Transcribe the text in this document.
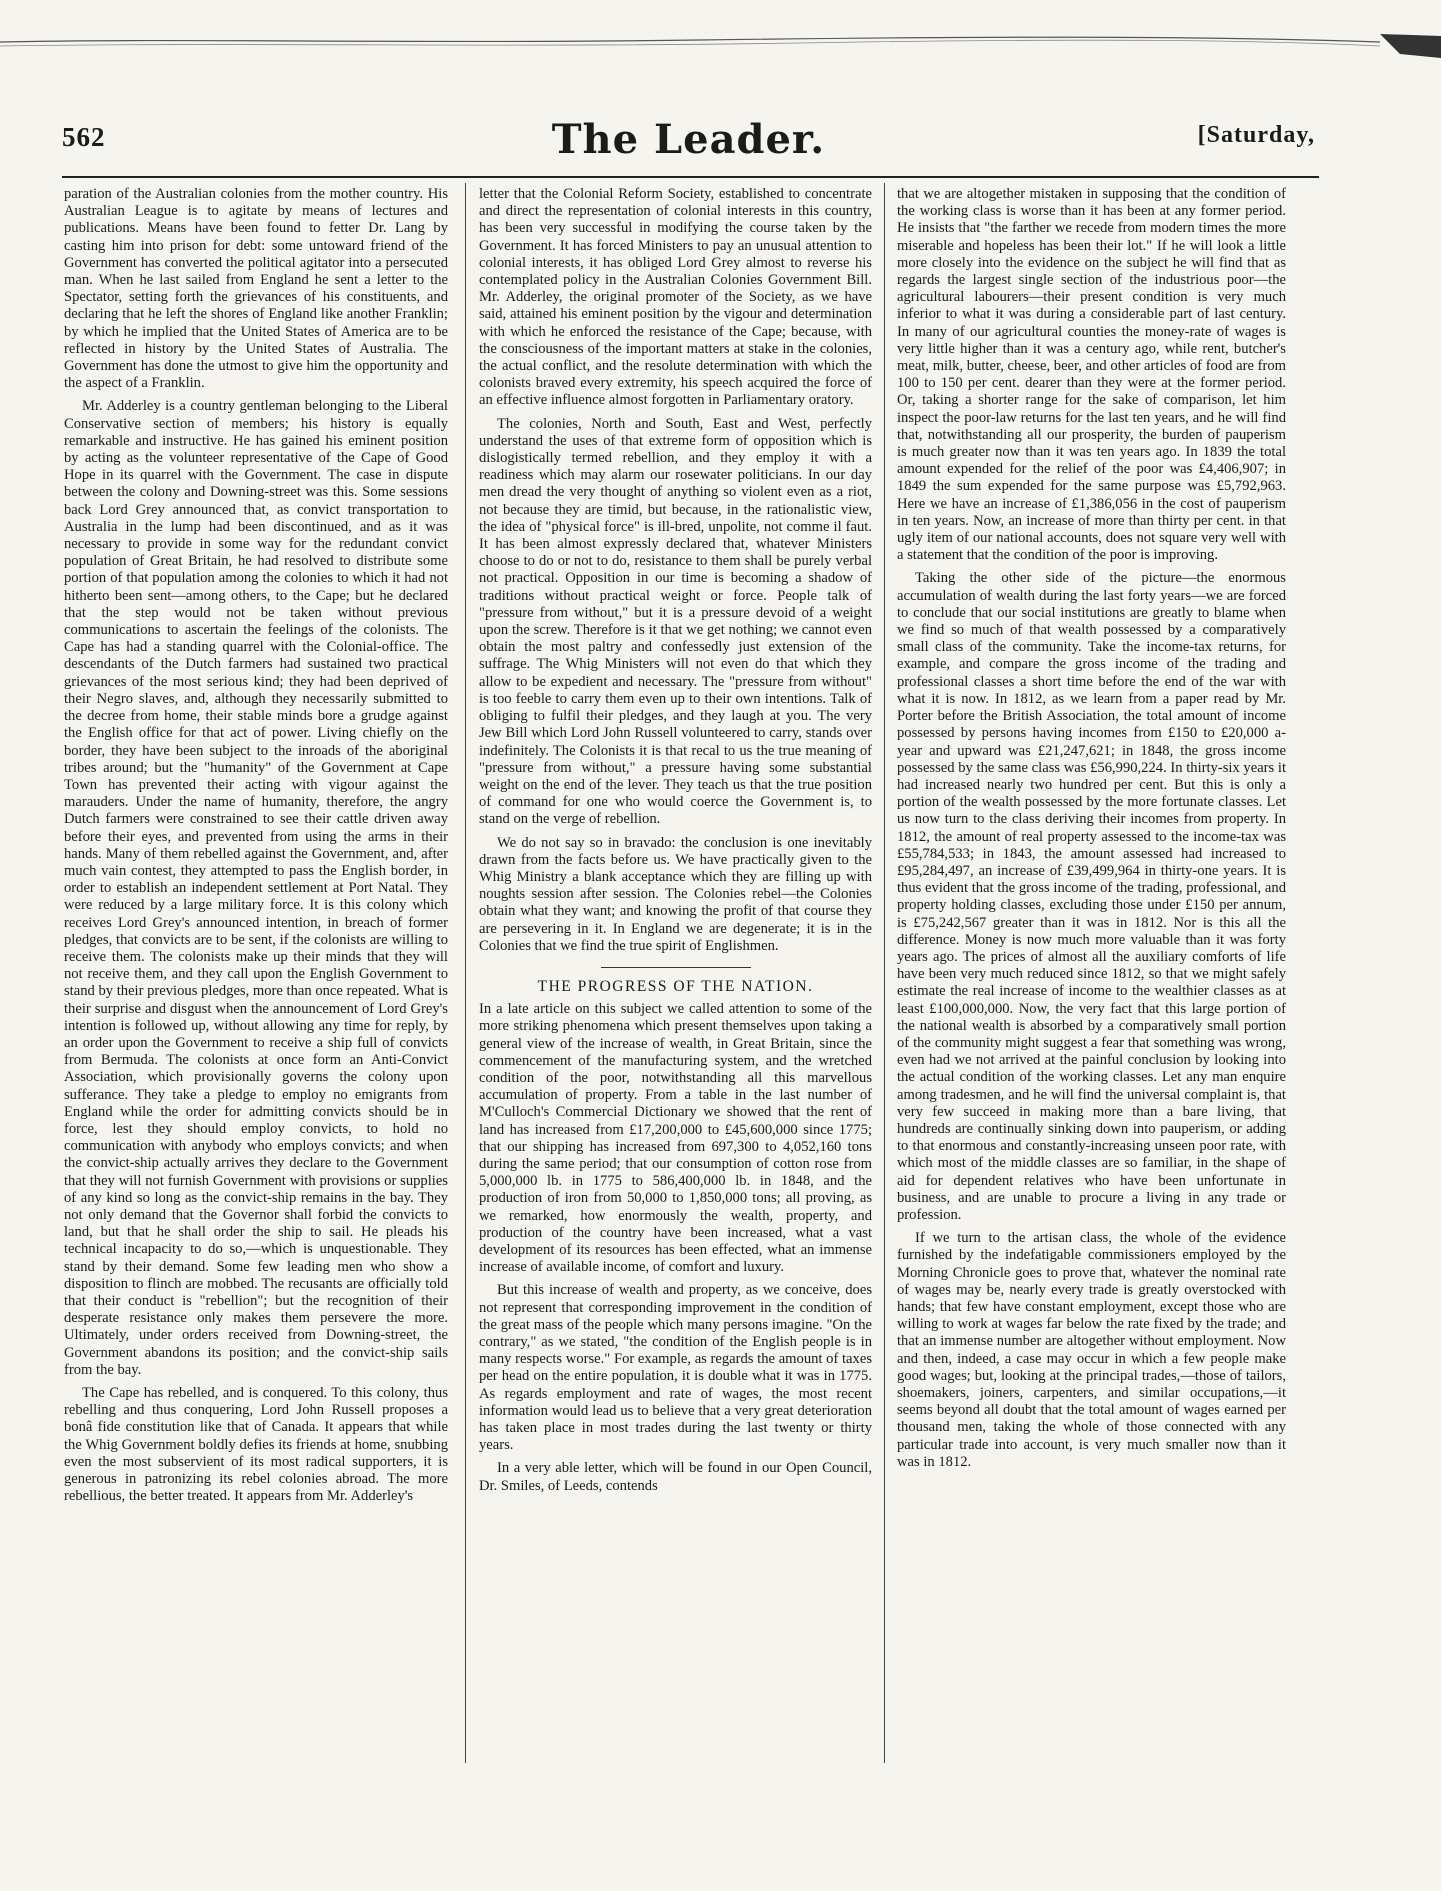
562	The Leader.	[Saturday,

paration of the Australian colonies from the mother country. His Australian League is to agitate by means of lectures and publications. Means have been found to fetter Dr. Lang by casting him into prison for debt: some untoward friend of the Government has converted the political agitator into a persecuted man. When he last sailed from England he sent a letter to the Spectator, setting forth the grievances of his constituents, and declaring that he left the shores of England like another Franklin; by which he implied that the United States of America are to be reflected in history by the United States of Australia. The Government has done the utmost to give him the opportunity and the aspect of a Franklin.

Mr. Adderley is a country gentleman belonging to the Liberal Conservative section of members; his history is equally remarkable and instructive. He has gained his eminent position by acting as the volunteer representative of the Cape of Good Hope in its quarrel with the Government. The case in dispute between the colony and Downing-street was this. Some sessions back Lord Grey announced that, as convict transportation to Australia in the lump had been discontinued, and as it was necessary to provide in some way for the redundant convict population of Great Britain, he had resolved to distribute some portion of that population among the colonies to which it had not hitherto been sent—among others, to the Cape; but he declared that the step would not be taken without previous communications to ascertain the feelings of the colonists. The Cape has had a standing quarrel with the Colonial-office. The descendants of the Dutch farmers had sustained two practical grievances of the most serious kind; they had been deprived of their Negro slaves, and, although they necessarily submitted to the decree from home, their stable minds bore a grudge against the English office for that act of power. Living chiefly on the border, they have been subject to the inroads of the aboriginal tribes around; but the "humanity" of the Government at Cape Town has prevented their acting with vigour against the marauders. Under the name of humanity, therefore, the angry Dutch farmers were constrained to see their cattle driven away before their eyes, and prevented from using the arms in their hands. Many of them rebelled against the Government, and, after much vain contest, they attempted to pass the English border, in order to establish an independent settlement at Port Natal. They were reduced by a large military force. It is this colony which receives Lord Grey's announced intention, in breach of former pledges, that convicts are to be sent, if the colonists are willing to receive them. The colonists make up their minds that they will not receive them, and they call upon the English Government to stand by their previous pledges, more than once repeated. What is their surprise and disgust when the announcement of Lord Grey's intention is followed up, without allowing any time for reply, by an order upon the Government to receive a ship full of convicts from Bermuda. The colonists at once form an Anti-Convict Association, which provisionally governs the colony upon sufferance. They take a pledge to employ no emigrants from England while the order for admitting convicts should be in force, lest they should employ convicts, to hold no communication with anybody who employs convicts; and when the convict-ship actually arrives they declare to the Government that they will not furnish Government with provisions or supplies of any kind so long as the convict-ship remains in the bay. They not only demand that the Governor shall forbid the convicts to land, but that he shall order the ship to sail. He pleads his technical incapacity to do so,—which is unquestionable. They stand by their demand. Some few leading men who show a disposition to flinch are mobbed. The recusants are officially told that their conduct is "rebellion"; but the recognition of their desperate resistance only makes them persevere the more. Ultimately, under orders received from Downing-street, the Government abandons its position; and the convict-ship sails from the bay.

The Cape has rebelled, and is conquered. To this colony, thus rebelling and thus conquering, Lord John Russell proposes a bonâ fide constitution like that of Canada. It appears that while the Whig Government boldly defies its friends at home, snubbing even the most subservient of its most radical supporters, it is generous in patronizing its rebel colonies abroad. The more rebellious, the better treated. It appears from Mr. Adderley's

letter that the Colonial Reform Society, established to concentrate and direct the representation of colonial interests in this country, has been very successful in modifying the course taken by the Government. It has forced Ministers to pay an unusual attention to colonial interests, it has obliged Lord Grey almost to reverse his contemplated policy in the Australian Colonies Government Bill. Mr. Adderley, the original promoter of the Society, as we have said, attained his eminent position by the vigour and determination with which he enforced the resistance of the Cape; because, with the consciousness of the important matters at stake in the colonies, the actual conflict, and the resolute determination with which the colonists braved every extremity, his speech acquired the force of an effective influence almost forgotten in Parliamentary oratory.

The colonies, North and South, East and West, perfectly understand the uses of that extreme form of opposition which is dislogistically termed rebellion, and they employ it with a readiness which may alarm our rosewater politicians. In our day men dread the very thought of anything so violent even as a riot, not because they are timid, but because, in the rationalistic view, the idea of "physical force" is ill-bred, unpolite, not comme il faut. It has been almost expressly declared that, whatever Ministers choose to do or not to do, resistance to them shall be purely verbal not practical. Opposition in our time is becoming a shadow of traditions without practical weight or force. People talk of "pressure from without," but it is a pressure devoid of a weight upon the screw. Therefore is it that we get nothing; we cannot even obtain the most paltry and confessedly just extension of the suffrage. The Whig Ministers will not even do that which they allow to be expedient and necessary. The "pressure from without" is too feeble to carry them even up to their own intentions. Talk of obliging to fulfil their pledges, and they laugh at you. The very Jew Bill which Lord John Russell volunteered to carry, stands over indefinitely. The Colonists it is that recal to us the true meaning of "pressure from without," a pressure having some substantial weight on the end of the lever. They teach us that the true position of command for one who would coerce the Government is, to stand on the verge of rebellion.

We do not say so in bravado: the conclusion is one inevitably drawn from the facts before us. We have practically given to the Whig Ministry a blank acceptance which they are filling up with noughts session after session. The Colonies rebel—the Colonies obtain what they want; and knowing the profit of that course they are persevering in it. In England we are degenerate; it is in the Colonies that we find the true spirit of Englishmen.

THE PROGRESS OF THE NATION.

In a late article on this subject we called attention to some of the more striking phenomena which present themselves upon taking a general view of the increase of wealth, in Great Britain, since the commencement of the manufacturing system, and the wretched condition of the poor, notwithstanding all this marvellous accumulation of property. From a table in the last number of M'Culloch's Commercial Dictionary we showed that the rent of land has increased from £17,200,000 to £45,600,000 since 1775; that our shipping has increased from 697,300 to 4,052,160 tons during the same period; that our consumption of cotton rose from 5,000,000 lb. in 1775 to 586,400,000 lb. in 1848, and the production of iron from 50,000 to 1,850,000 tons; all proving, as we remarked, how enormously the wealth, property, and production of the country have been increased, what a vast development of its resources has been effected, what an immense increase of available income, of comfort and luxury.

But this increase of wealth and property, as we conceive, does not represent that corresponding improvement in the condition of the great mass of the people which many persons imagine. "On the contrary," as we stated, "the condition of the English people is in many respects worse." For example, as regards the amount of taxes per head on the entire population, it is double what it was in 1775. As regards employment and rate of wages, the most recent information would lead us to believe that a very great deterioration has taken place in most trades during the last twenty or thirty years.

In a very able letter, which will be found in our Open Council, Dr. Smiles, of Leeds, contends

that we are altogether mistaken in supposing that the condition of the working class is worse than it has been at any former period. He insists that "the farther we recede from modern times the more miserable and hopeless has been their lot." If he will look a little more closely into the evidence on the subject he will find that as regards the largest single section of the industrious poor—the agricultural labourers—their present condition is very much inferior to what it was during a considerable part of last century. In many of our agricultural counties the money-rate of wages is very little higher than it was a century ago, while rent, butcher's meat, milk, butter, cheese, beer, and other articles of food are from 100 to 150 per cent. dearer than they were at the former period. Or, taking a shorter range for the sake of comparison, let him inspect the poor-law returns for the last ten years, and he will find that, notwithstanding all our prosperity, the burden of pauperism is much greater now than it was ten years ago. In 1839 the total amount expended for the relief of the poor was £4,406,907; in 1849 the sum expended for the same purpose was £5,792,963. Here we have an increase of £1,386,056 in the cost of pauperism in ten years. Now, an increase of more than thirty per cent. in that ugly item of our national accounts, does not square very well with a statement that the condition of the poor is improving.

Taking the other side of the picture—the enormous accumulation of wealth during the last forty years—we are forced to conclude that our social institutions are greatly to blame when we find so much of that wealth possessed by a comparatively small class of the community. Take the income-tax returns, for example, and compare the gross income of the trading and professional classes a short time before the end of the war with what it is now. In 1812, as we learn from a paper read by Mr. Porter before the British Association, the total amount of income possessed by persons having incomes from £150 to £20,000 a-year and upward was £21,247,621; in 1848, the gross income possessed by the same class was £56,990,224. In thirty-six years it had increased nearly two hundred per cent. But this is only a portion of the wealth possessed by the more fortunate classes. Let us now turn to the class deriving their incomes from property. In 1812, the amount of real property assessed to the income-tax was £55,784,533; in 1843, the amount assessed had increased to £95,284,497, an increase of £39,499,964 in thirty-one years. It is thus evident that the gross income of the trading, professional, and property holding classes, excluding those under £150 per annum, is £75,242,567 greater than it was in 1812. Nor is this all the difference. Money is now much more valuable than it was forty years ago. The prices of almost all the auxiliary comforts of life have been very much reduced since 1812, so that we might safely estimate the real increase of income to the wealthier classes as at least £100,000,000. Now, the very fact that this large portion of the national wealth is absorbed by a comparatively small portion of the community might suggest a fear that something was wrong, even had we not arrived at the painful conclusion by looking into the actual condition of the working classes. Let any man enquire among tradesmen, and he will find the universal complaint is, that very few succeed in making more than a bare living, that hundreds are continually sinking down into pauperism, or adding to that enormous and constantly-increasing unseen poor rate, with which most of the middle classes are so familiar, in the shape of aid for dependent relatives who have been unfortunate in business, and are unable to procure a living in any trade or profession.

If we turn to the artisan class, the whole of the evidence furnished by the indefatigable commissioners employed by the Morning Chronicle goes to prove that, whatever the nominal rate of wages may be, nearly every trade is greatly overstocked with hands; that few have constant employment, except those who are willing to work at wages far below the rate fixed by the trade; and that an immense number are altogether without employment. Now and then, indeed, a case may occur in which a few people make good wages; but, looking at the principal trades,—those of tailors, shoemakers, joiners, carpenters, and similar occupations,—it seems beyond all doubt that the total amount of wages earned per thousand men, taking the whole of those connected with any particular trade into account, is very much smaller now than it was in 1812.
